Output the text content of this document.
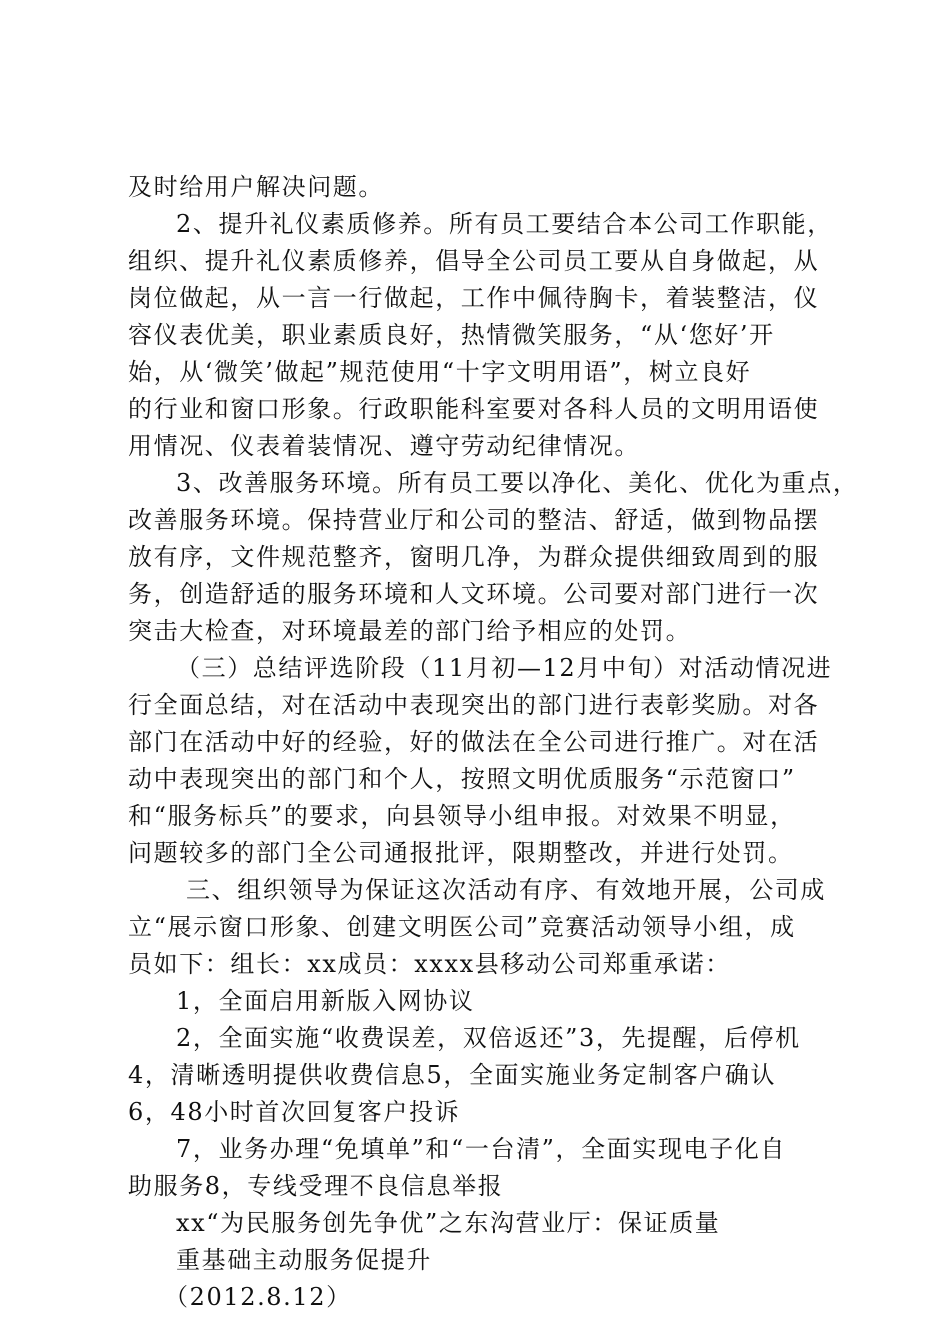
及时给用户解决问题。
2、提升礼仪素质修养。所有员工要结合本公司工作职能，
组织、提升礼仪素质修养，倡导全公司员工要从自身做起，从
岗位做起，从一言一行做起，工作中佩待胸卡，着装整洁，仪
容仪表优美，职业素质良好，热情微笑服务，“从‘您好’开
始，从‘微笑’做起”规范使用“十字文明用语”，树立良好
的行业和窗口形象。行政职能科室要对各科人员的文明用语使
用情况、仪表着装情况、遵守劳动纪律情况。
3、改善服务环境。所有员工要以净化、美化、优化为重点，
改善服务环境。保持营业厅和公司的整洁、舒适，做到物品摆
放有序，文件规范整齐，窗明几净，为群众提供细致周到的服
务，创造舒适的服务环境和人文环境。公司要对部门进行一次
突击大检查，对环境最差的部门给予相应的处罚。
（三）总结评选阶段（11月初—12月中旬）对活动情况进
行全面总结，对在活动中表现突出的部门进行表彰奖励。对各
部门在活动中好的经验，好的做法在全公司进行推广。对在活
动中表现突出的部门和个人，按照文明优质服务“示范窗口”
和“服务标兵”的要求，向县领导小组申报。对效果不明显，
问题较多的部门全公司通报批评，限期整改，并进行处罚。
三、组织领导为保证这次活动有序、有效地开展，公司成
立“展示窗口形象、创建文明医公司”竞赛活动领导小组，成
员如下：组长：xx成员：xxxx县移动公司郑重承诺：
1，全面启用新版入网协议
2，全面实施“收费误差，双倍返还”3，先提醒，后停机
4，清晰透明提供收费信息5，全面实施业务定制客户确认
6，48小时首次回复客户投诉
7，业务办理“免填单”和“一台清”，全面实现电子化自
助服务8，专线受理不良信息举报
xx“为民服务创先争优”之东沟营业厅：保证质量
重基础主动服务促提升
（2012.8.12）
